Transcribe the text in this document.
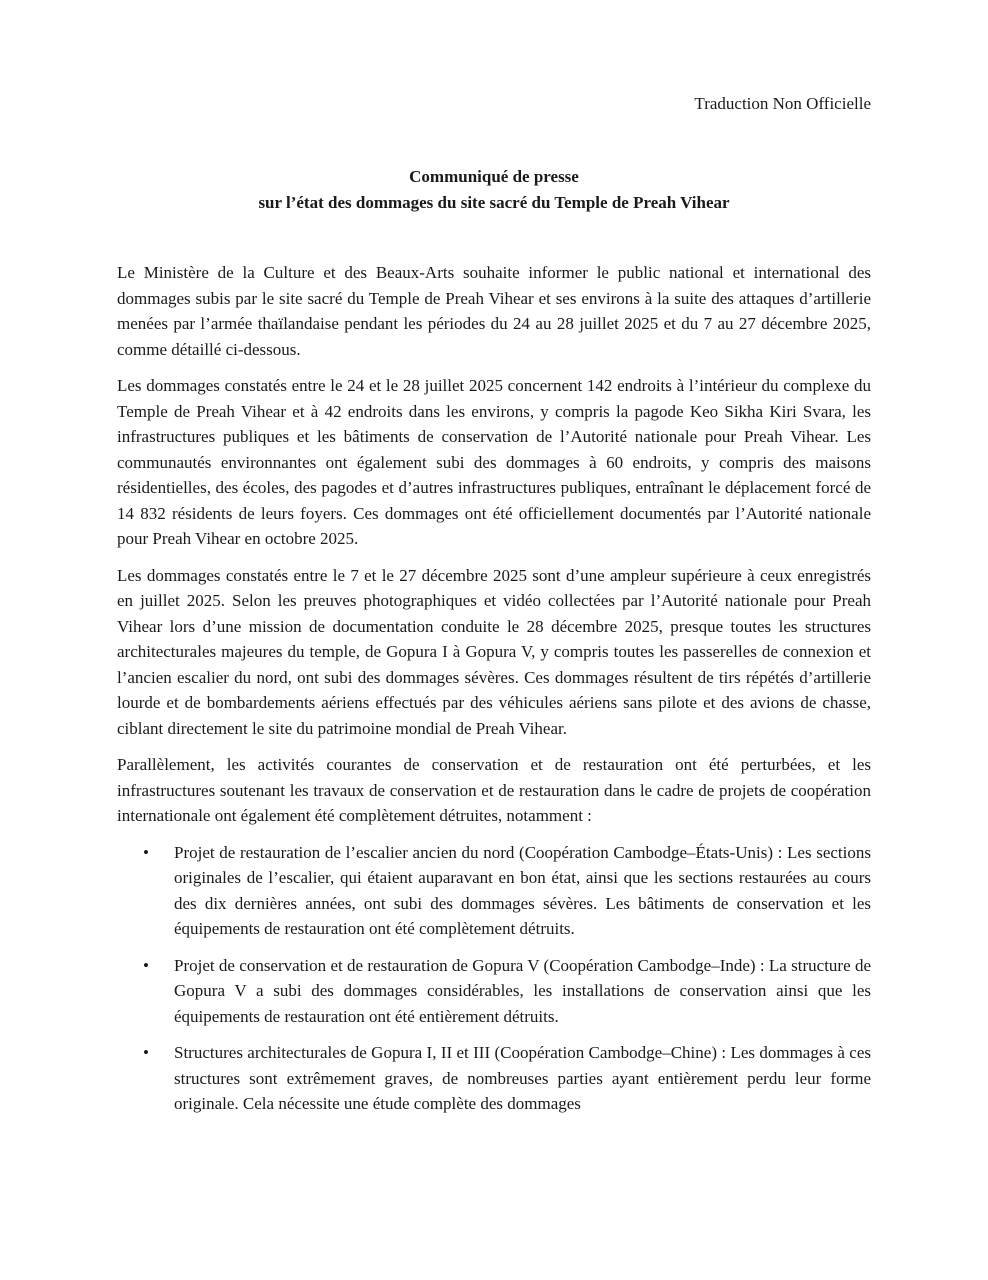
Traduction Non Officielle
Communiqué de presse
sur l’état des dommages du site sacré du Temple de Preah Vihear

Le Ministère de la Culture et des Beaux-Arts souhaite informer le public national et international des dommages subis par le site sacré du Temple de Preah Vihear et ses environs à la suite des attaques d’artillerie menées par l’armée thaïlandaise pendant les périodes du 24 au 28 juillet 2025 et du 7 au 27 décembre 2025, comme détaillé ci-dessous.

Les dommages constatés entre le 24 et le 28 juillet 2025 concernent 142 endroits à l’intérieur du complexe du Temple de Preah Vihear et à 42 endroits dans les environs, y compris la pagode Keo Sikha Kiri Svara, les infrastructures publiques et les bâtiments de conservation de l’Autorité nationale pour Preah Vihear. Les communautés environnantes ont également subi des dommages à 60 endroits, y compris des maisons résidentielles, des écoles, des pagodes et d’autres infrastructures publiques, entraînant le déplacement forcé de 14 832 résidents de leurs foyers. Ces dommages ont été officiellement documentés par l’Autorité nationale pour Preah Vihear en octobre 2025.

Les dommages constatés entre le 7 et le 27 décembre 2025 sont d’une ampleur supérieure à ceux enregistrés en juillet 2025. Selon les preuves photographiques et vidéo collectées par l’Autorité nationale pour Preah Vihear lors d’une mission de documentation conduite le 28 décembre 2025, presque toutes les structures architecturales majeures du temple, de Gopura I à Gopura V, y compris toutes les passerelles de connexion et l’ancien escalier du nord, ont subi des dommages sévères. Ces dommages résultent de tirs répétés d’artillerie lourde et de bombardements aériens effectués par des véhicules aériens sans pilote et des avions de chasse, ciblant directement le site du patrimoine mondial de Preah Vihear.

Parallèlement, les activités courantes de conservation et de restauration ont été perturbées, et les infrastructures soutenant les travaux de conservation et de restauration dans le cadre de projets de coopération internationale ont également été complètement détruites, notamment :

• Projet de restauration de l’escalier ancien du nord (Coopération Cambodge–États-Unis) : Les sections originales de l’escalier, qui étaient auparavant en bon état, ainsi que les sections restaurées au cours des dix dernières années, ont subi des dommages sévères. Les bâtiments de conservation et les équipements de restauration ont été complètement détruits.
• Projet de conservation et de restauration de Gopura V (Coopération Cambodge–Inde) : La structure de Gopura V a subi des dommages considérables, les installations de conservation ainsi que les équipements de restauration ont été entièrement détruits.
• Structures architecturales de Gopura I, II et III (Coopération Cambodge–Chine) : Les dommages à ces structures sont extrêmement graves, de nombreuses parties ayant entièrement perdu leur forme originale. Cela nécessite une étude complète des dommages
